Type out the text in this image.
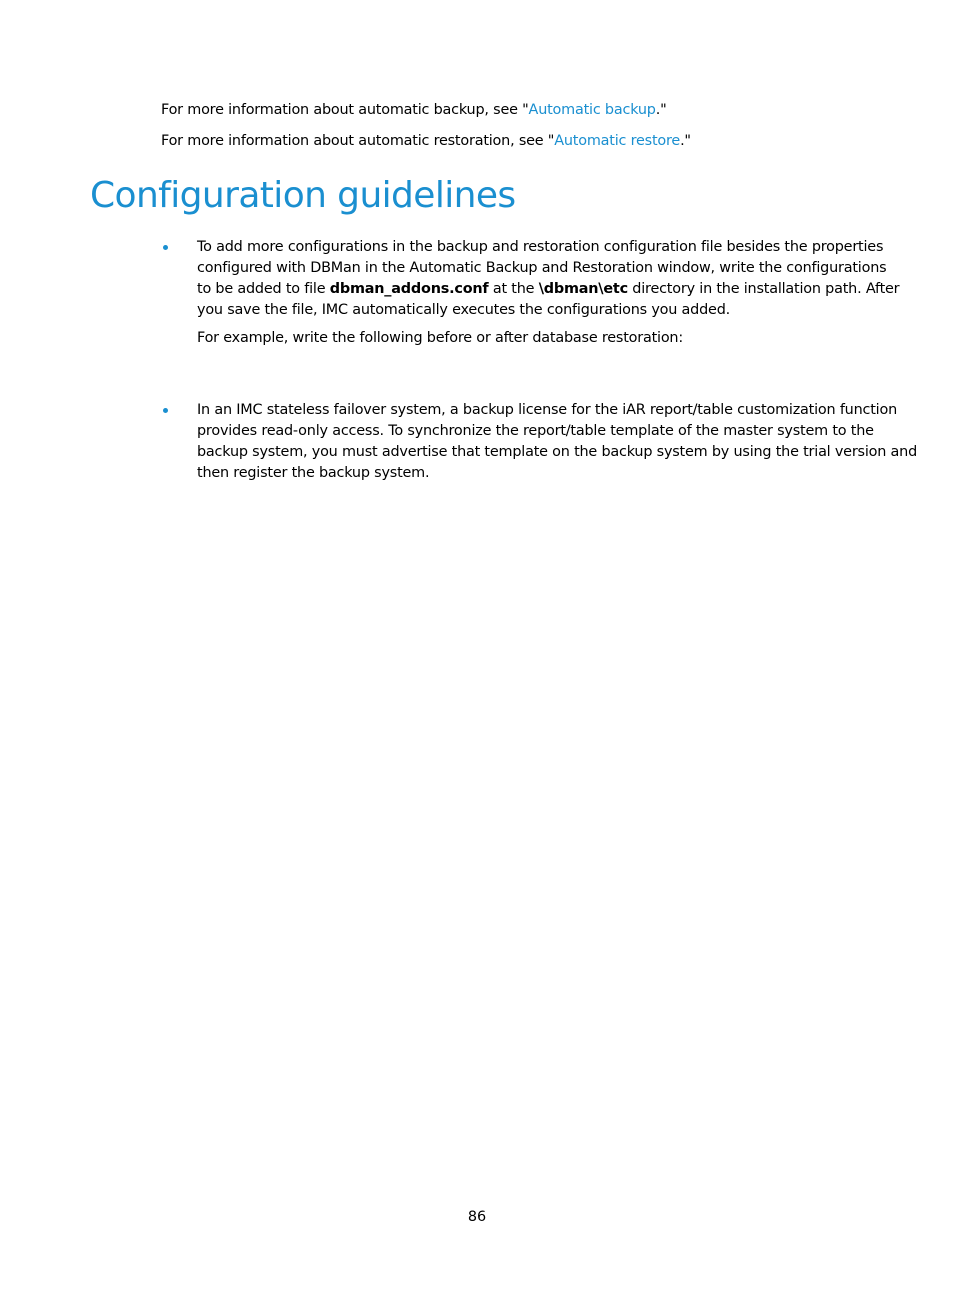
For more information about automatic backup, see "Automatic backup."
For more information about automatic restoration, see "Automatic restore."
Configuration guidelines
To add more configurations in the backup and restoration configuration file besides the properties
configured with DBMan in the Automatic Backup and Restoration window, write the configurations
to be added to file dbman_addons.conf at the \dbman\etc directory in the installation path. After
you save the file, IMC automatically executes the configurations you added.
For example, write the following before or after database restoration:
In an IMC stateless failover system, a backup license for the iAR report/table customization function
provides read-only access. To synchronize the report/table template of the master system to the
backup system, you must advertise that template on the backup system by using the trial version and
then register the backup system.
86
